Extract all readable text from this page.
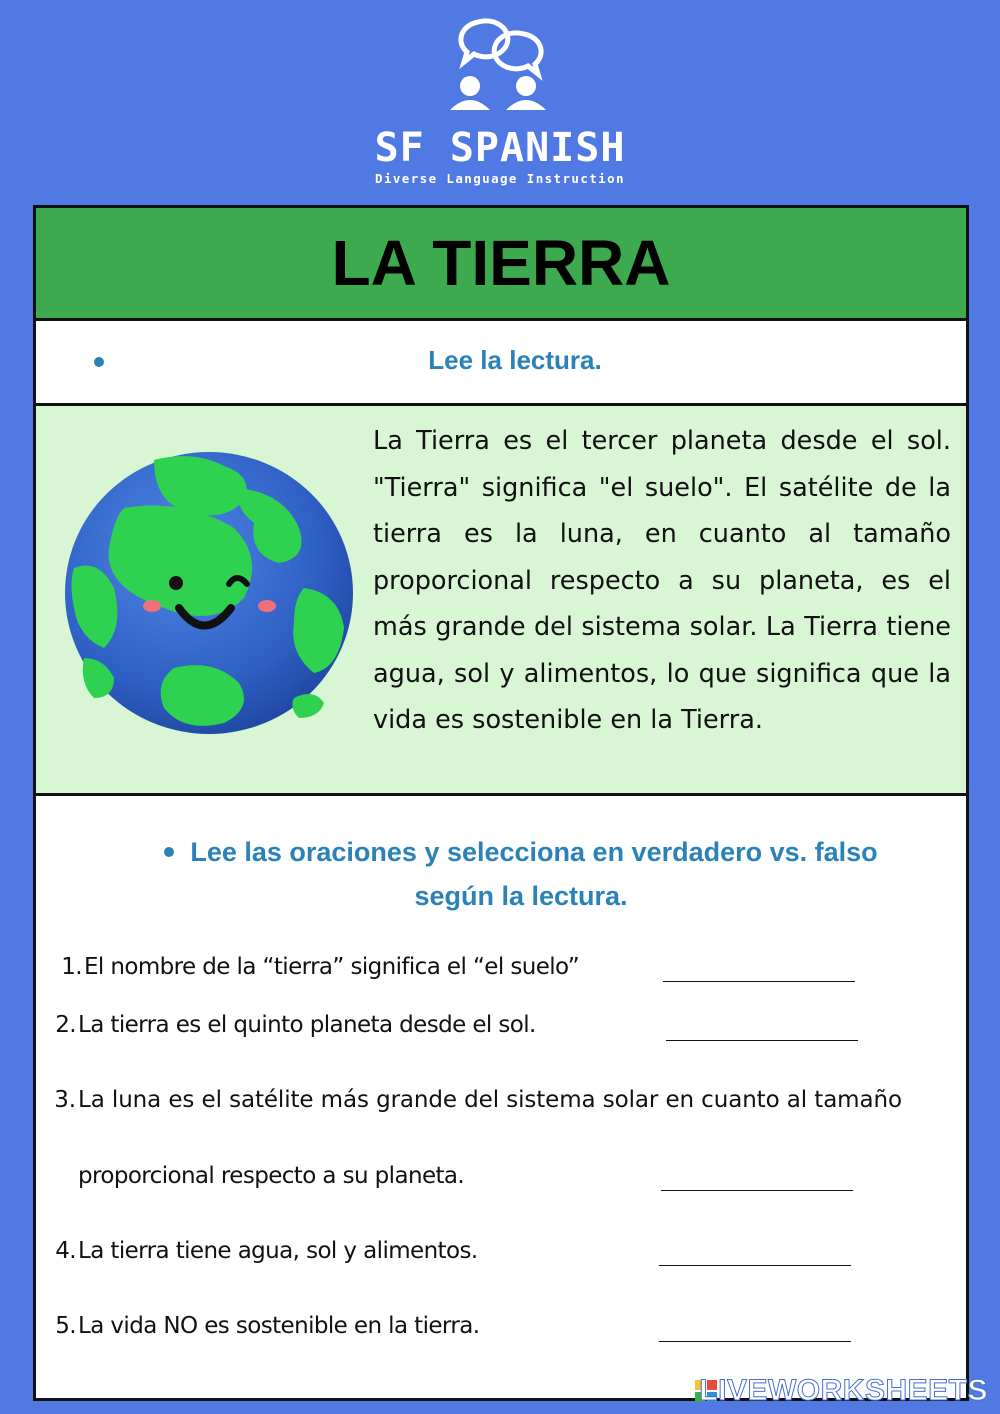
SF SPANISH
Diverse Language Instruction
LA TIERRA
Lee la lectura.
La Tierra es el tercer planeta desde el sol. "Tierra" significa "el suelo". El satélite de la tierra es la luna, en cuanto al tamaño proporcional respecto a su planeta, es el más grande del sistema solar. La Tierra tiene agua, sol y alimentos, lo que significa que la vida es sostenible en la Tierra.
Lee las oraciones y selecciona en verdadero vs. falso
según la lectura.
1.El nombre de la “tierra” significa el “el suelo”
2.La tierra es el quinto planeta desde el sol.
3.La luna es el satélite más grande del sistema solar en cuanto al tamaño
proporcional respecto a su planeta.
4.La tierra tiene agua, sol y alimentos.
5.La vida NO es sostenible en la tierra.
LIVEWORKSHEETS
